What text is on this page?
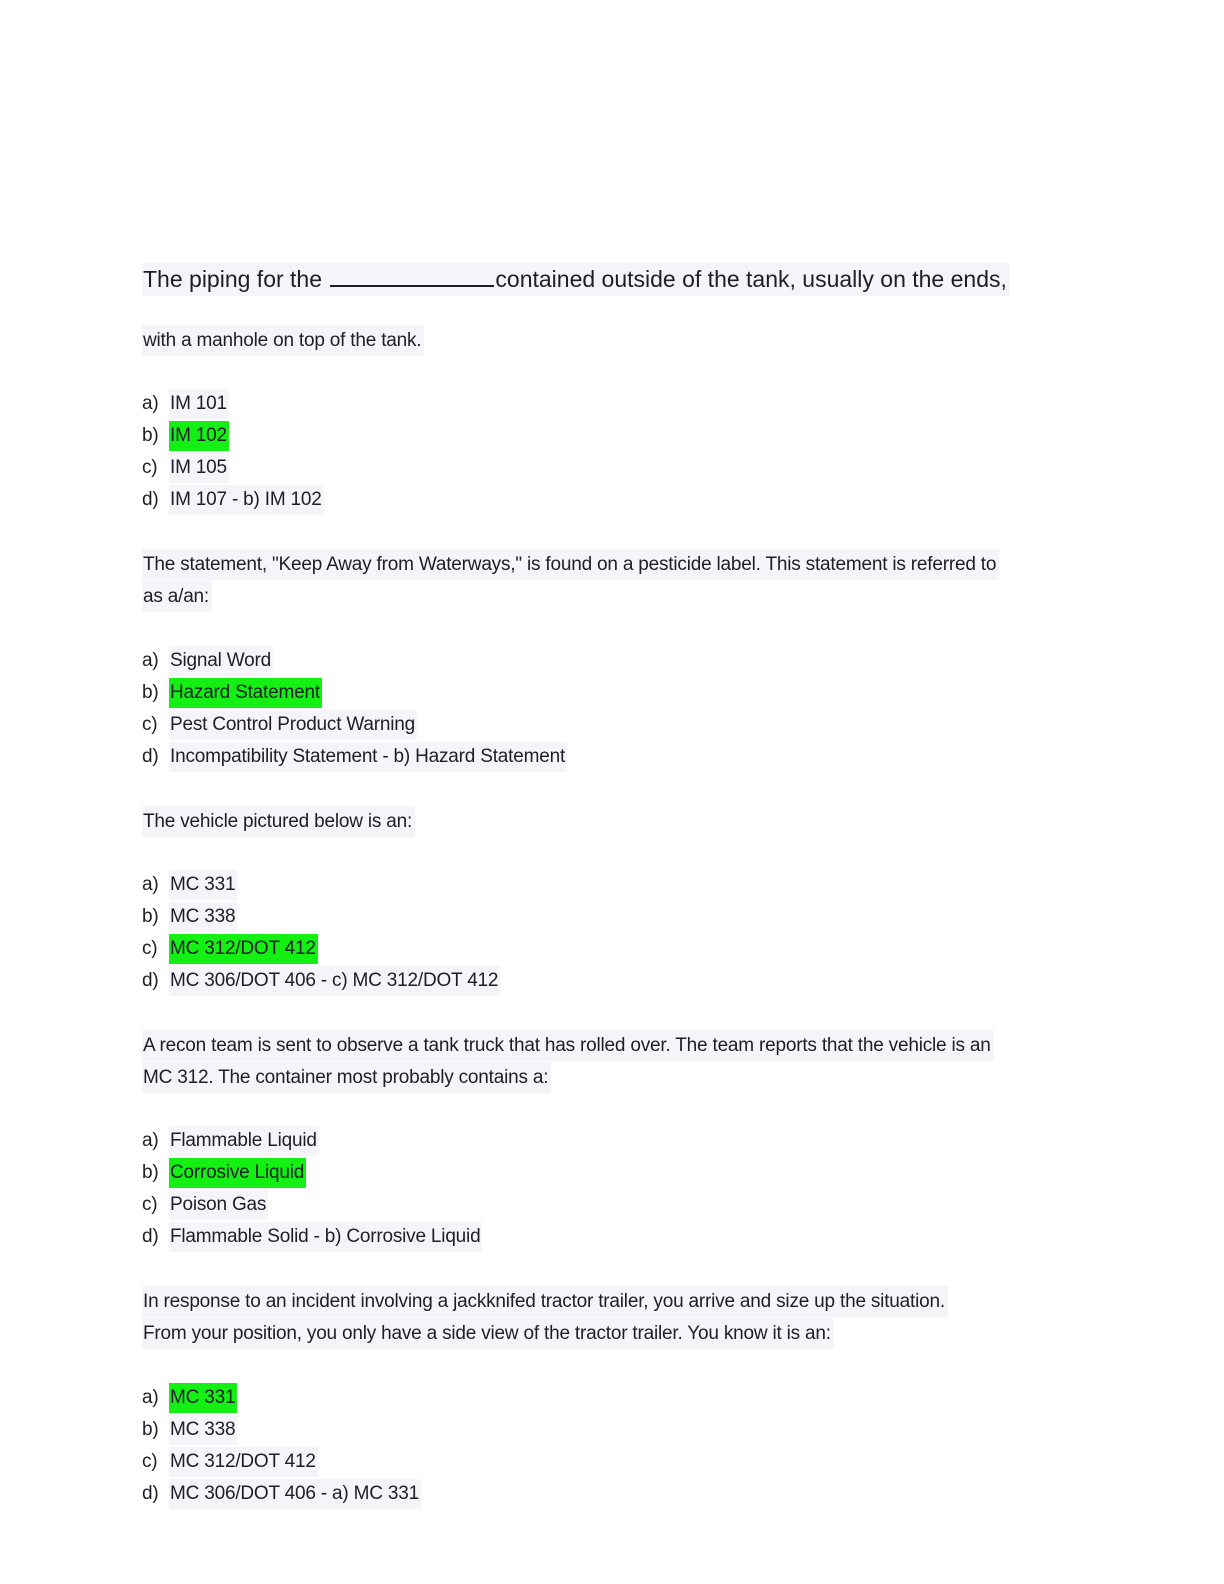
The piping for the	contained outside of the tank, usually on the ends,
with a manhole on top of the tank.
a) IM 101
b) IM 102
c) IM 105
d) IM 107 - b) IM 102
The statement, "Keep Away from Waterways," is found on a pesticide label. This statement is referred to
as a/an:
a) Signal Word
b) Hazard Statement
c) Pest Control Product Warning
d) Incompatibility Statement - b) Hazard Statement
The vehicle pictured below is an:
a) MC 331
b) MC 338
c) MC 312/DOT 412
d) MC 306/DOT 406 - c) MC 312/DOT 412
A recon team is sent to observe a tank truck that has rolled over. The team reports that the vehicle is an
MC 312. The container most probably contains a:
a) Flammable Liquid
b) Corrosive Liquid
c) Poison Gas
d) Flammable Solid - b) Corrosive Liquid
In response to an incident involving a jackknifed tractor trailer, you arrive and size up the situation.
From your position, you only have a side view of the tractor trailer. You know it is an:
a) MC 331
b) MC 338
c) MC 312/DOT 412
d) MC 306/DOT 406 - a) MC 331
